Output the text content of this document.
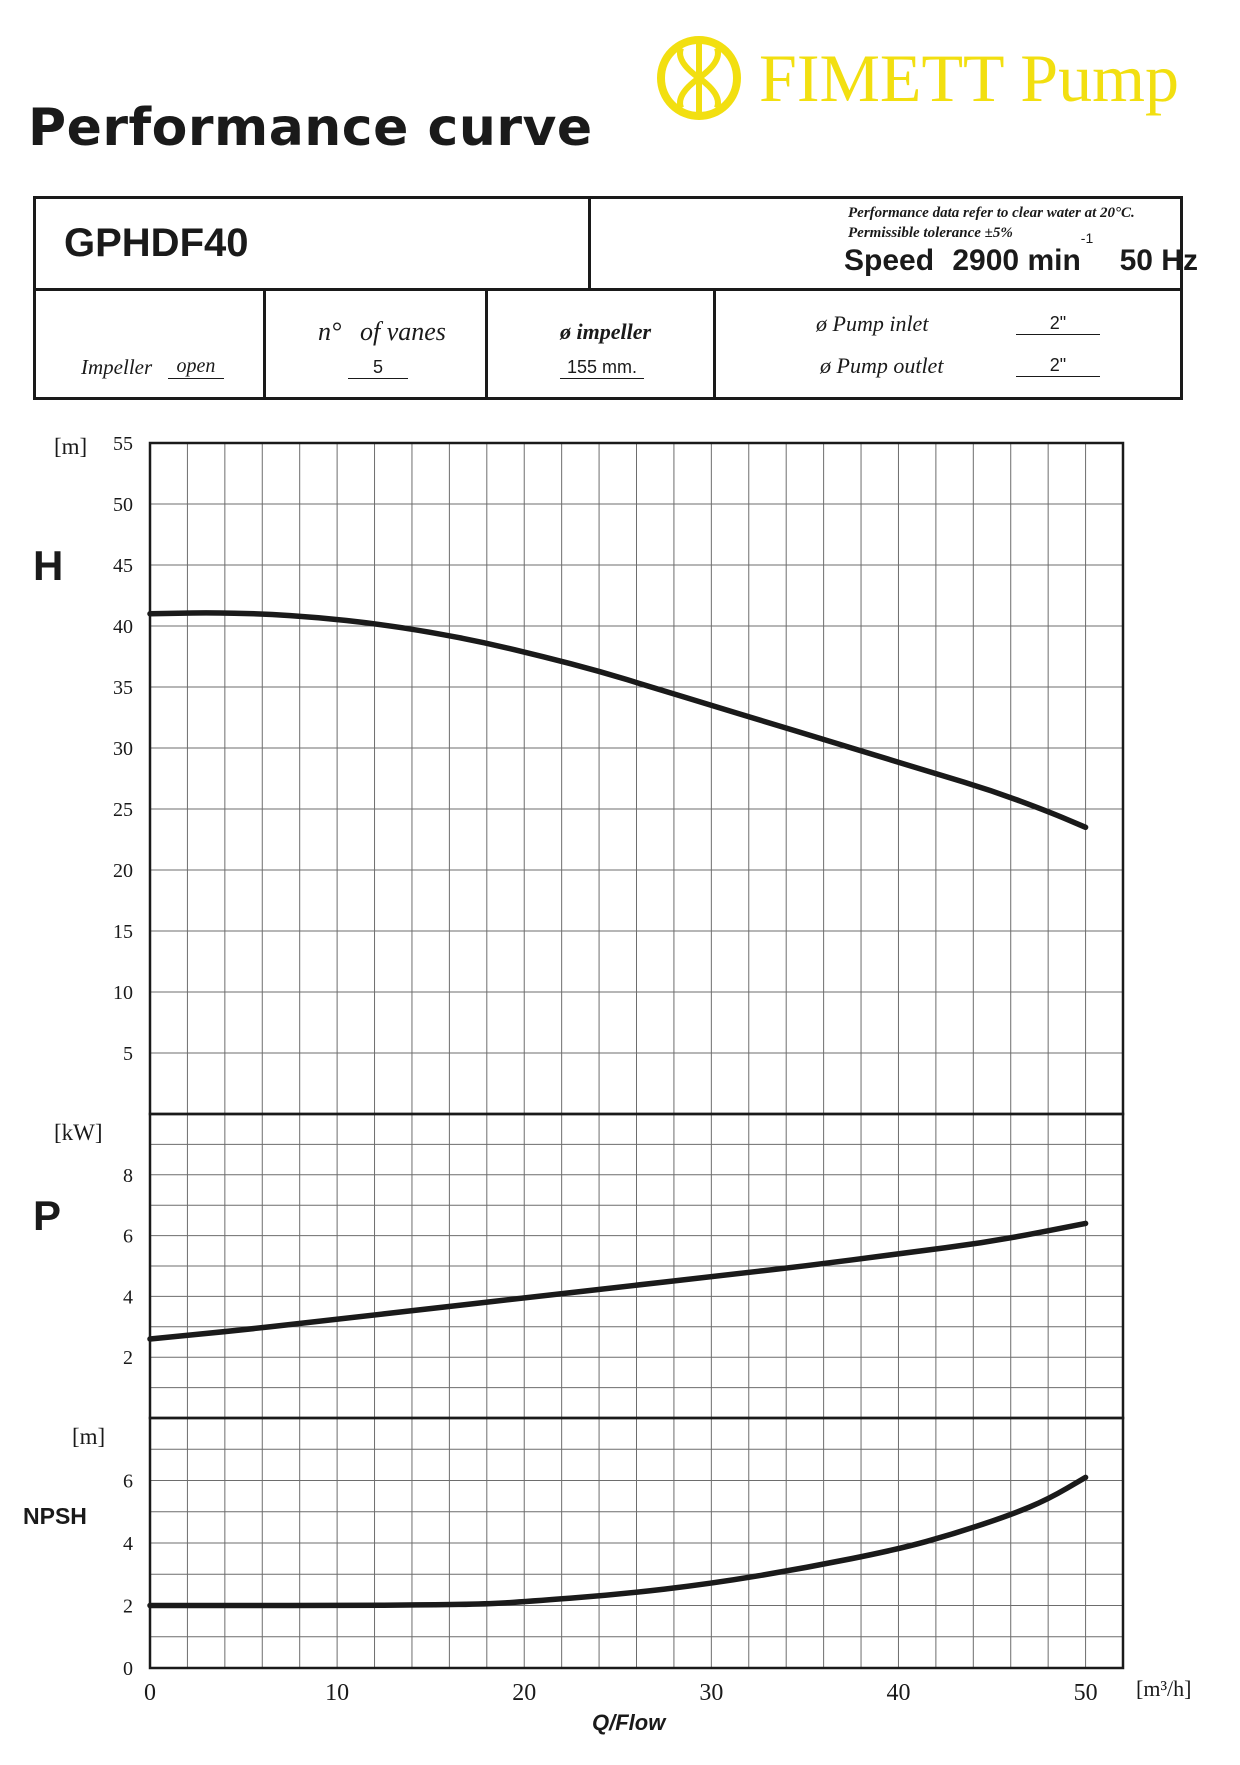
Performance curve
FIMETT Pump
GPHDF40
Performance data refer to clear water at 20°C.
Permissible tolerance ±5%
Speed 2900 $\min^{-1} 50$ Hz
Impeller	open
n° of vanes
5
ø impeller
155 mm.
ø Pump inlet	2"
ø Pump outlet	2"
5
10
15
20
25
30
35
40
45
50
55
[m]
H
2
4
6
8
[kW]
P
0
2
4
6
[m]
NPSH
0	10	20	30	40	50
Q/Flow
[m³/h]
